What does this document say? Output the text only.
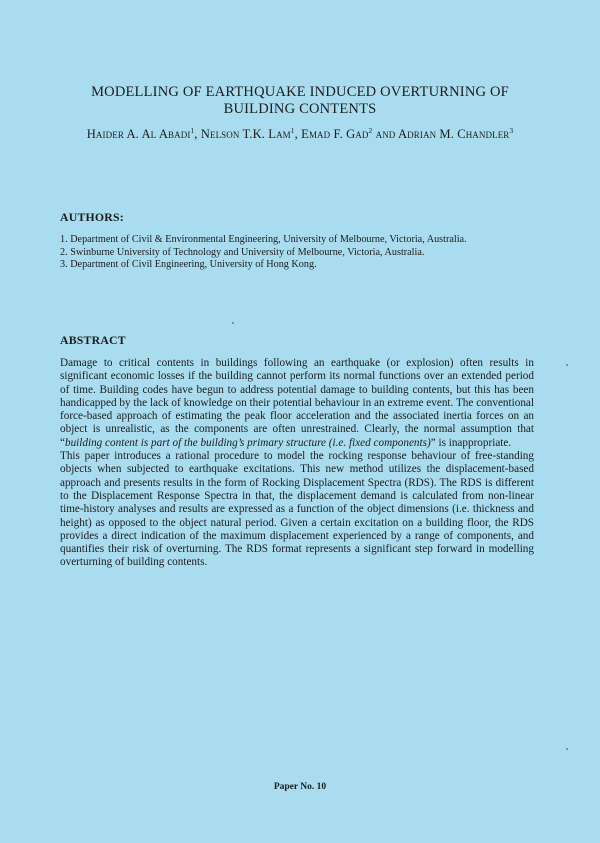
MODELLING OF EARTHQUAKE INDUCED OVERTURNING OF
BUILDING CONTENTS
Haider A. Al Abadi$^1$, Nelson T.K. Lam$^1$, Emad F. Gad$^2$ and Adrian M. Chandler$^3$
AUTHORS:
1. Department of Civil & Environmental Engineering, University of Melbourne, Victoria, Australia.
2. Swinburne University of Technology and University of Melbourne, Victoria, Australia.
3. Department of Civil Engineering, University of Hong Kong.
ABSTRACT

Damage to critical contents in buildings following an earthquake (or explosion) often results in significant economic losses if the building cannot perform its normal functions over an extended period of time. Building codes have begun to address potential damage to building contents, but this has been handicapped by the lack of knowledge on their potential behaviour in an extreme event. The conventional force-based approach of estimating the peak floor acceleration and the associated inertia forces on an object is unrealistic, as the components are often unrestrained. Clearly, the normal assumption that “building content is part of the building’s primary structure (i.e. fixed components)” is inappropriate.

This paper introduces a rational procedure to model the rocking response behaviour of free-standing objects when subjected to earthquake excitations. This new method utilizes the displacement-based approach and presents results in the form of Rocking Displacement Spectra (RDS). The RDS is different to the Displacement Response Spectra in that, the displacement demand is calculated from non-linear time-history analyses and results are expressed as a function of the object dimensions (i.e. thickness and height) as opposed to the object natural period. Given a certain excitation on a building floor, the RDS provides a direct indication of the maximum displacement experienced by a range of components, and quantifies their risk of overturning. The RDS format represents a significant step forward in modelling overturning of building contents.

Paper No. 10
